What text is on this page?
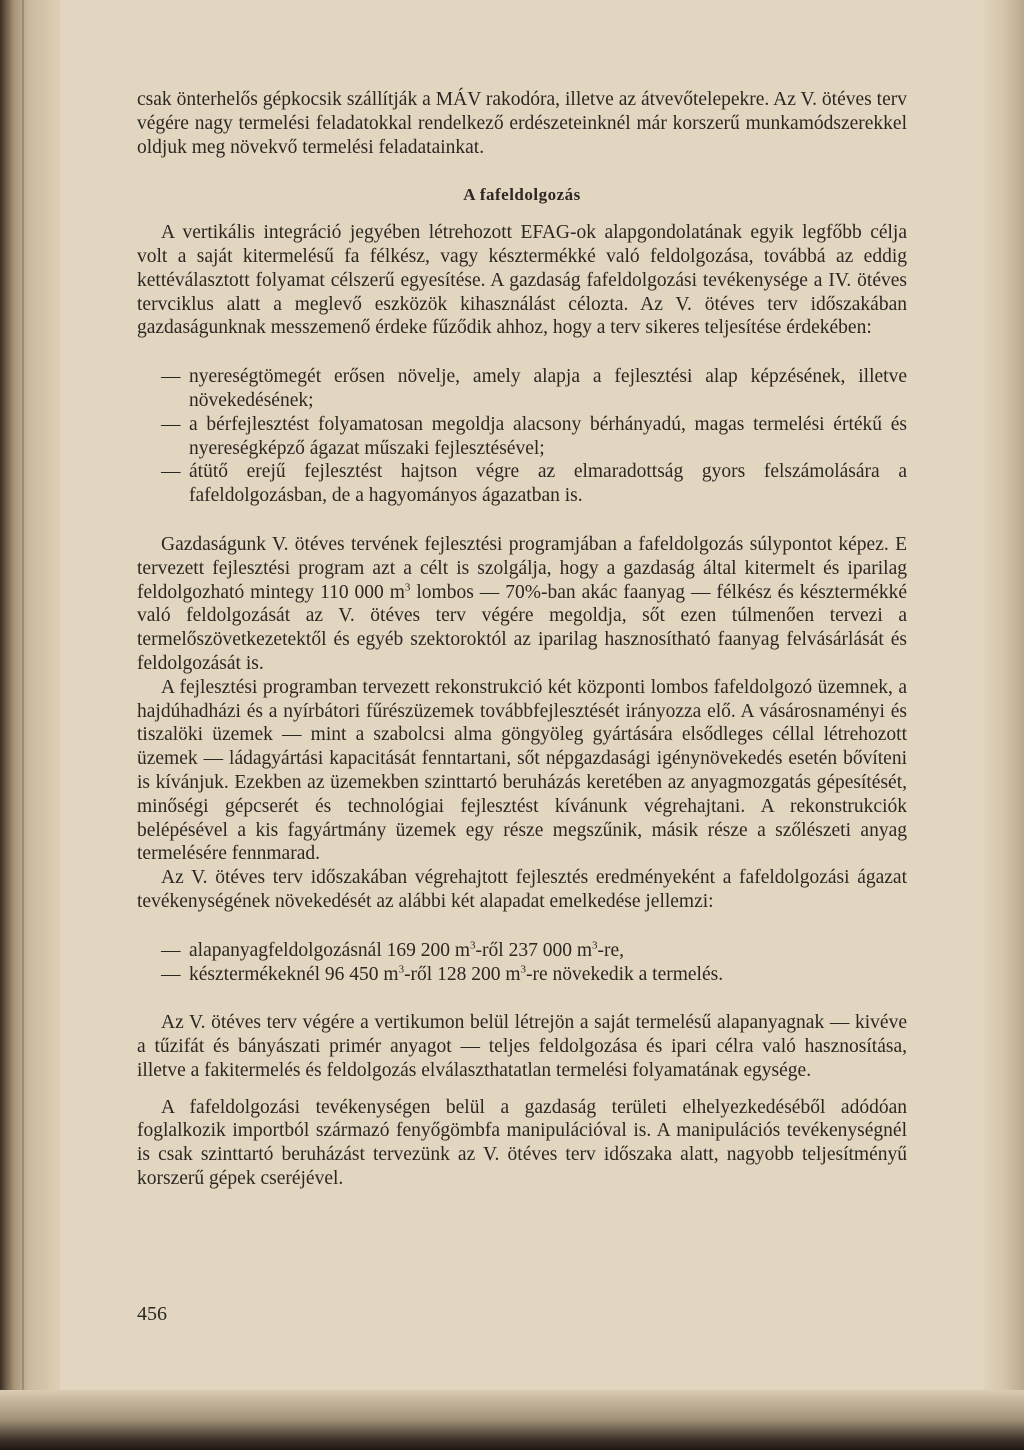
csak önterhelős gépkocsik szállítják a MÁV rakodóra, illetve az átvevőtelepekre. Az V. ötéves terv végére nagy termelési feladatokkal rendelkező erdészeteinknél már korszerű munkamódszerekkel oldjuk meg növekvő termelési feladatainkat.

A fafeldolgozás

A vertikális integráció jegyében létrehozott EFAG-ok alapgondolatának egyik legfőbb célja volt a saját kitermelésű fa félkész, vagy késztermékké való feldolgozása, továbbá az eddig kettéválasztott folyamat célszerű egyesítése. A gazdaság fafeldolgozási tevékenysége a IV. ötéves tervciklus alatt a meglevő eszközök kihasználást célozta. Az V. ötéves terv időszakában gazdaságunknak messzemenő érdeke fűződik ahhoz, hogy a terv sikeres teljesítése érdekében:

—
nyereségtömegét erősen növelje, amely alapja a fejlesztési alap képzésének, illetve növekedésének;
—
a bérfejlesztést folyamatosan megoldja alacsony bérhányadú, magas termelési értékű és nyereségképző ágazat műszaki fejlesztésével;
—
átütő erejű fejlesztést hajtson végre az elmaradottság gyors felszámolására a fafeldolgozásban, de a hagyományos ágazatban is.

Gazdaságunk V. ötéves tervének fejlesztési programjában a fafeldolgozás súlypontot képez. E tervezett fejlesztési program azt a célt is szolgálja, hogy a gazdaság által kitermelt és iparilag feldolgozható mintegy 110 000 $m^3$ lombos — 70%-ban akác faanyag — félkész és késztermékké való feldolgozását az V. ötéves terv végére megoldja, sőt ezen túlmenően tervezi a termelőszövetkezetektől és egyéb szektoroktól az iparilag hasznosítható faanyag felvásárlását és feldolgozását is.

A fejlesztési programban tervezett rekonstrukció két központi lombos fafeldolgozó üzemnek, a hajdúhadházi és a nyírbátori fűrészüzemek továbbfejlesztését irányozza elő. A vásárosnaményi és tiszalöki üzemek — mint a szabolcsi alma göngyöleg gyártására elsődleges céllal létrehozott üzemek — ládagyártási kapacitását fenntartani, sőt népgazdasági igénynövekedés esetén bővíteni is kívánjuk. Ezekben az üzemekben szinttartó beruházás keretében az anyagmozgatás gépesítését, minőségi gépcserét és technológiai fejlesztést kívánunk végrehajtani. A rekonstrukciók belépésével a kis fagyártmány üzemek egy része megszűnik, másik része a szőlészeti anyag termelésére fennmarad.

Az V. ötéves terv időszakában végrehajtott fejlesztés eredményeként a fafeldolgozási ágazat tevékenységének növekedését az alábbi két alapadat emelkedése jellemzi:

—
alapanyagfeldolgozásnál 169 200 $m^3$-ről 237 000 $m^3-re$,
—
késztermékeknél 96 450 $m^3$-ről 128 200 $m^3-re$ növekedik a termelés.

Az V. ötéves terv végére a vertikumon belül létrejön a saját termelésű alapanyagnak — kivéve a tűzifát és bányászati primér anyagot — teljes feldolgozása és ipari célra való hasznosítása, illetve a fakitermelés és feldolgozás elválaszthatatlan termelési folyamatának egysége.

A fafeldolgozási tevékenységen belül a gazdaság területi elhelyezkedéséből adódóan foglalkozik importból származó fenyőgömbfa manipulációval is. A manipulációs tevékenységnél is csak szinttartó beruházást tervezünk az V. ötéves terv időszaka alatt, nagyobb teljesítményű korszerű gépek cseréjével.

456
